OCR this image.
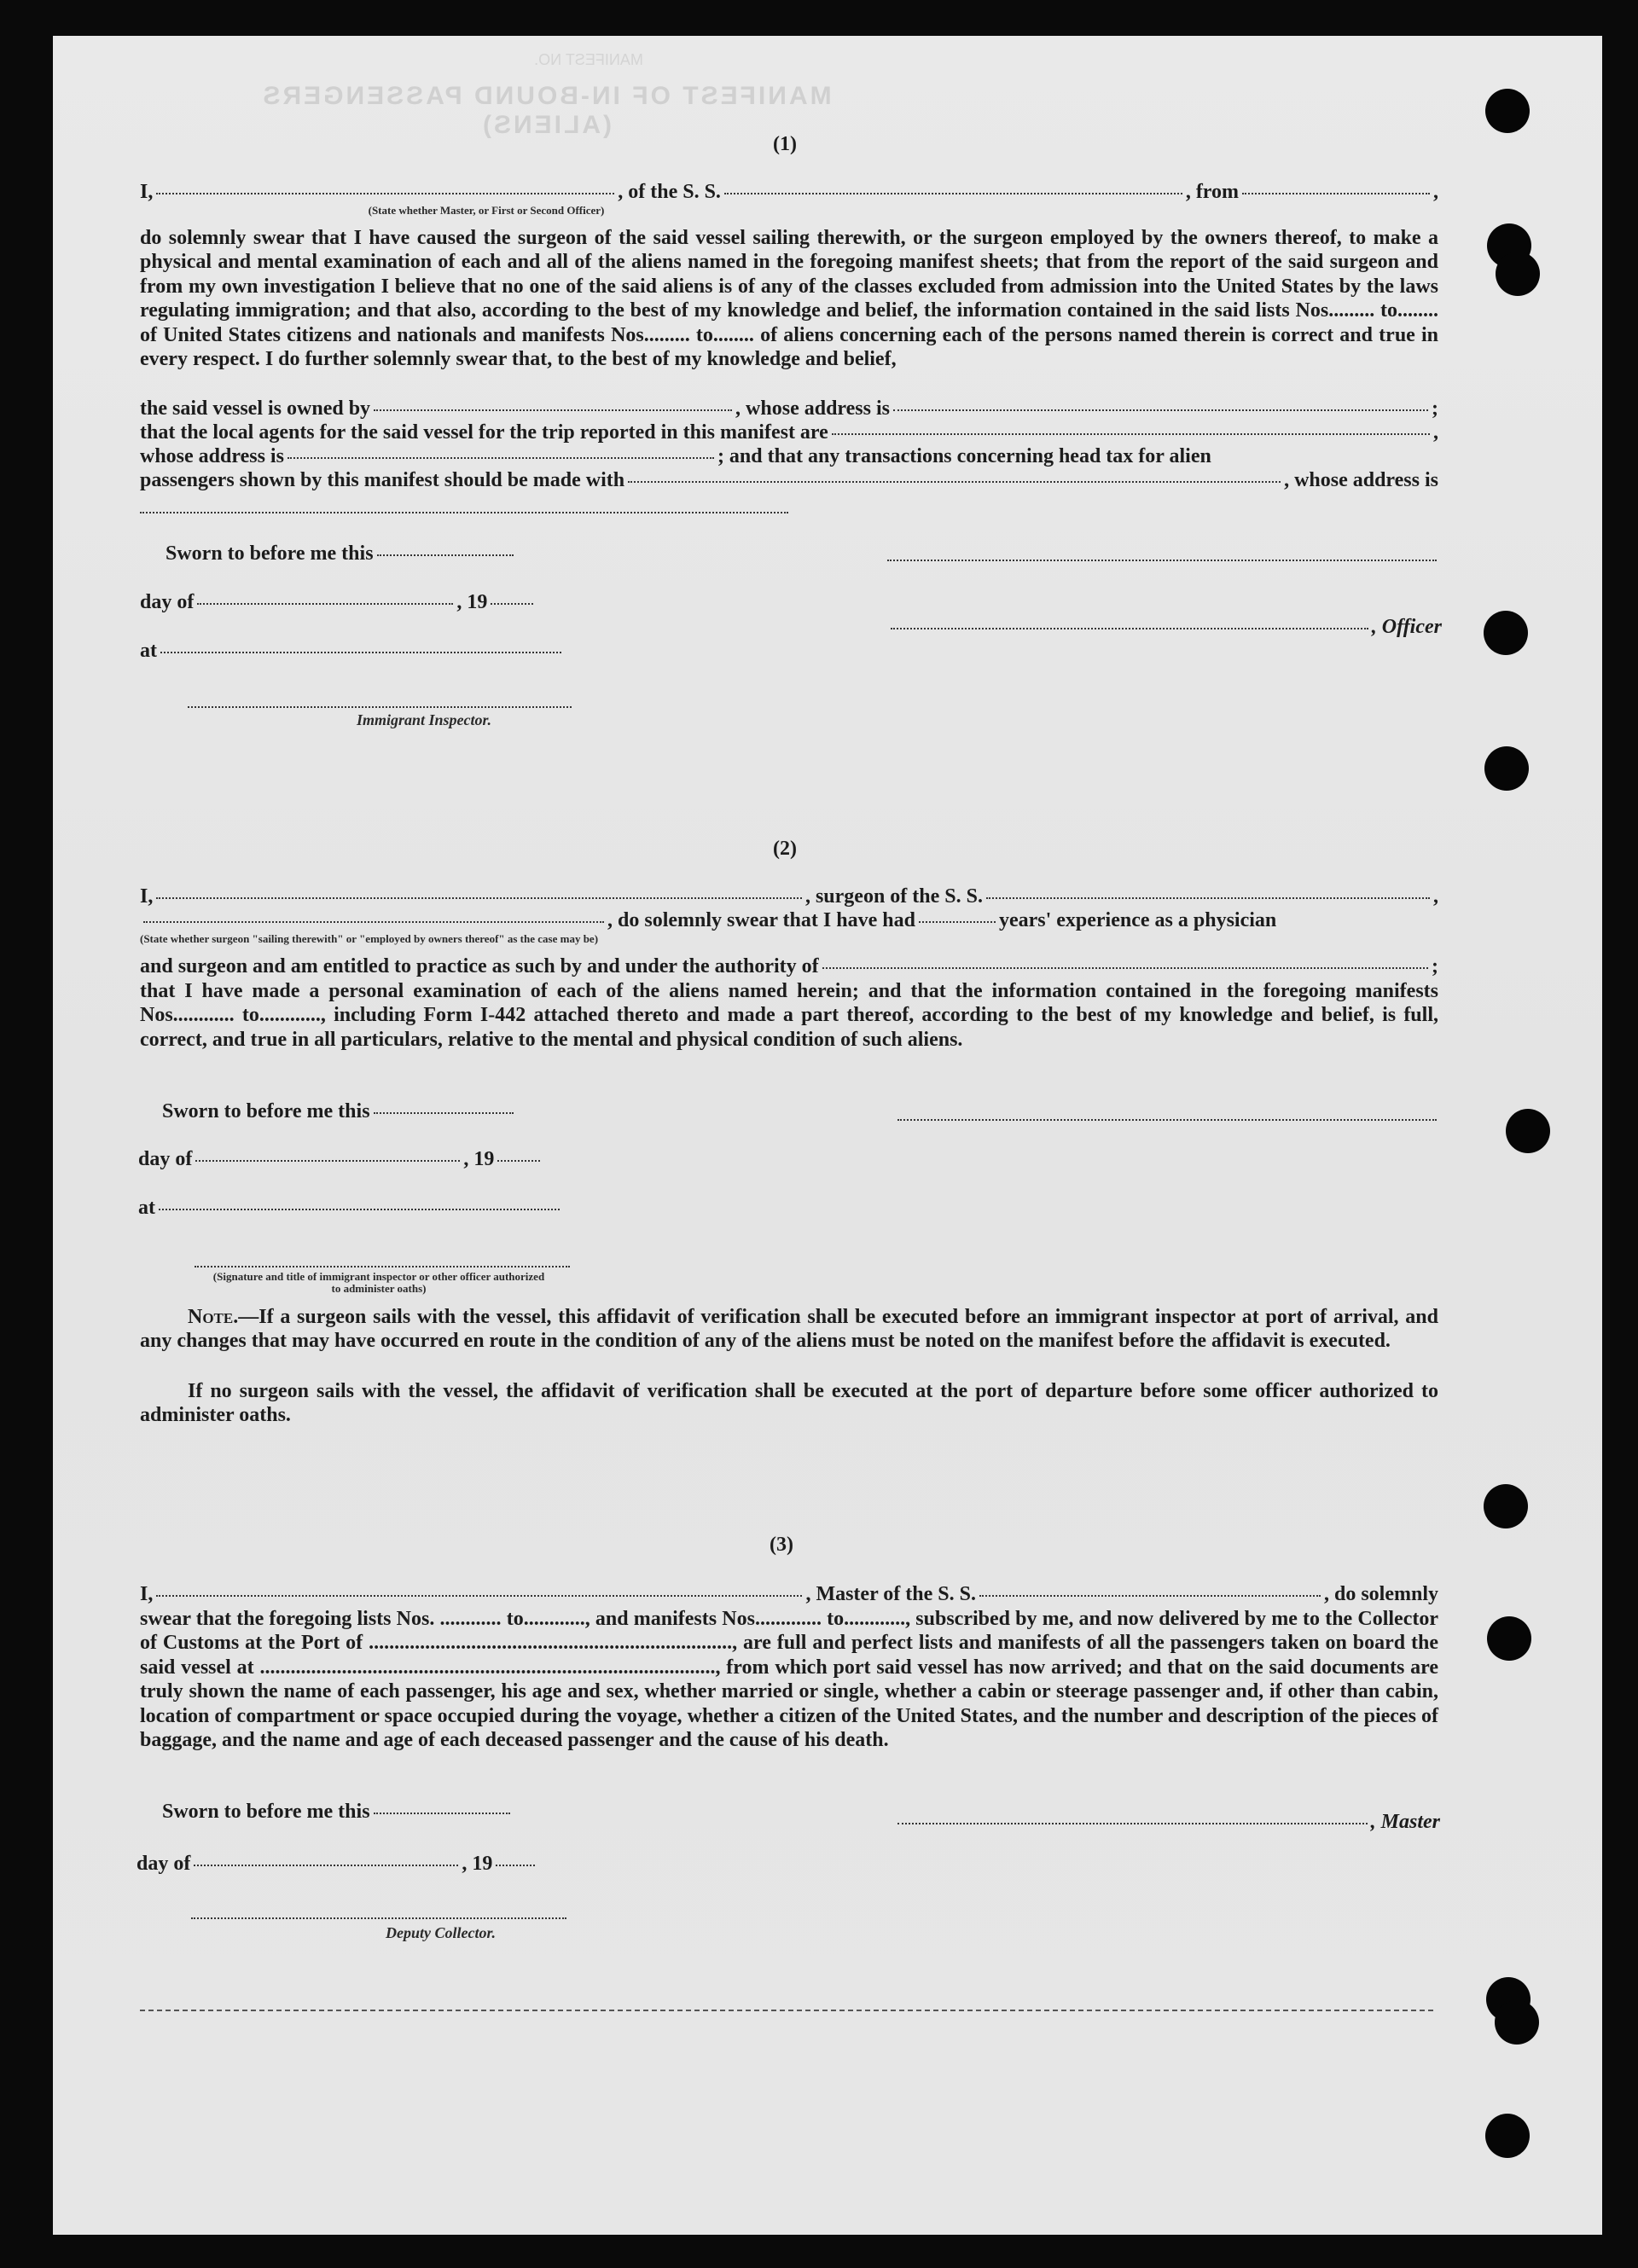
MANIFEST OF IN-BOUND PASSENGERS (ALIENS)
MANIFEST NO.
(1)
I,	, of the S. S.	, from	,
(State whether Master, or First or Second Officer)
do solemnly swear that I have caused the surgeon of the said vessel sailing therewith, or the surgeon employed by the owners thereof, to make a physical and mental examination of each and all of the aliens named in the foregoing manifest sheets; that from the report of the said surgeon and from my own investigation I believe that no one of the said aliens is of any of the classes excluded from admission into the United States by the laws regulating immigration; and that also, according to the best of my knowledge and belief, the information contained in the said lists Nos......... to........ of United States citizens and nationals and manifests Nos......... to........ of aliens concerning each of the persons named therein is correct and true in every respect. I do further solemnly swear that, to the best of my knowledge and belief,
the said vessel is owned by	, whose address is	;
that the local agents for the said vessel for the trip reported in this manifest are	,
whose address is	; and that any transactions concerning head tax for alien
passengers shown by this manifest should be made with	, whose address is
Sworn to before me this
day of	, 19
, Officer
at
Immigrant Inspector.
(2)
I,	, surgeon of the S. S.	,
, do solemnly swear that I have had	years' experience as a physician
(State whether surgeon "sailing therewith" or "employed by owners thereof" as the case may be)
and surgeon and am entitled to practice as such by and under the authority of	;
that I have made a personal examination of each of the aliens named herein; and that the information contained in the foregoing manifests Nos............ to............, including Form I-442 attached thereto and made a part thereof, according to the best of my knowledge and belief, is full, correct, and true in all particulars, relative to the mental and physical condition of such aliens.
Sworn to before me this
day of	, 19
at
(Signature and title of immigrant inspector or other officer authorized to administer oaths)
Note.—If a surgeon sails with the vessel, this affidavit of verification shall be executed before an immigrant inspector at port of arrival, and any changes that may have occurred en route in the condition of any of the aliens must be noted on the manifest before the affidavit is executed.
If no surgeon sails with the vessel, the affidavit of verification shall be executed at the port of departure before some officer authorized to administer oaths.
(3)
I,	, Master of the S. S.	, do solemnly
swear that the foregoing lists Nos. ............ to............, and manifests Nos............. to............, subscribed by me, and now delivered by me to the Collector of Customs at the Port of ......................................................................., are full and perfect lists and manifests of all the passengers taken on board the said vessel at ........................................................................................., from which port said vessel has now arrived; and that on the said documents are truly shown the name of each passenger, his age and sex, whether married or single, whether a cabin or steerage passenger and, if other than cabin, location of compartment or space occupied during the voyage, whether a citizen of the United States, and the number and description of the pieces of baggage, and the name and age of each deceased passenger and the cause of his death.
Sworn to before me this	, Master
day of	, 19
Deputy Collector.
